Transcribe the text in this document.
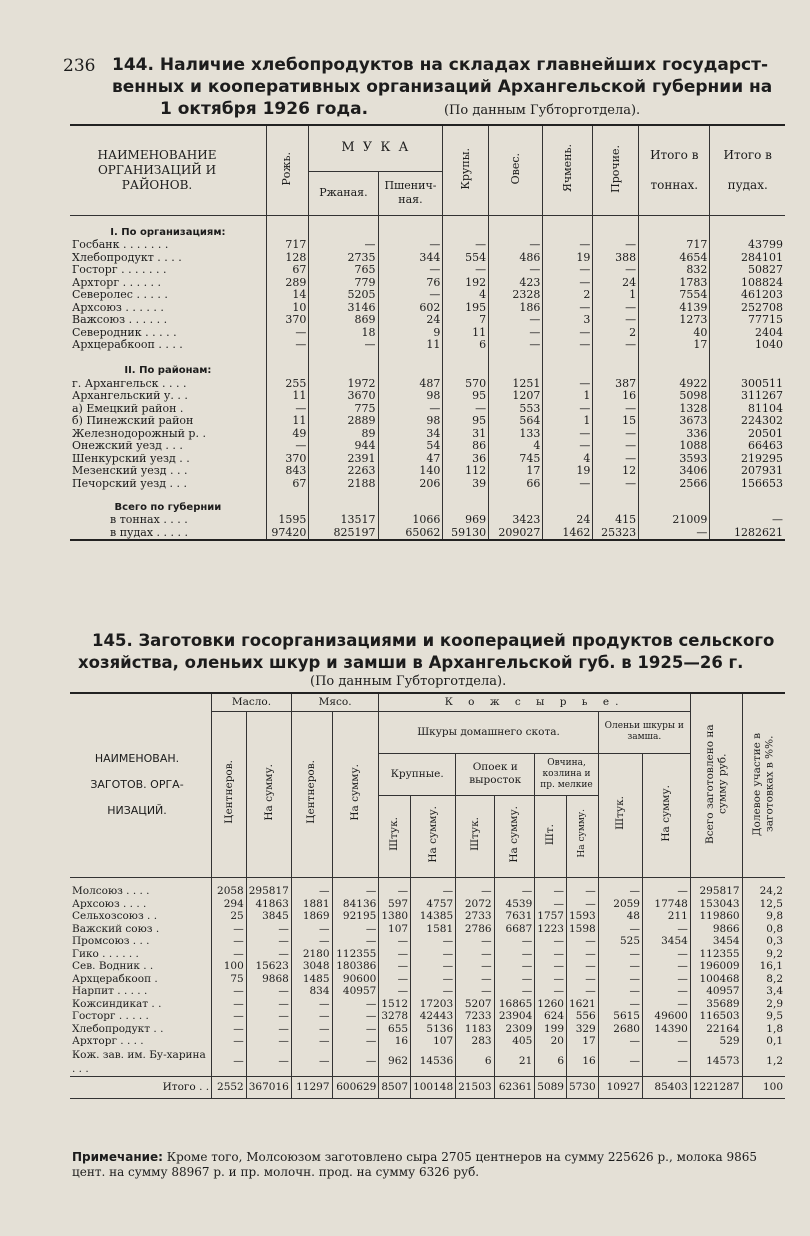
236 144. Наличие хлебопродуктов на складах главнейших государст-
венных и кооперативных организаций Архангельской губернии на
1 октября 1926 года.	(По данным Губторготдела).
НАИМЕНОВАНИЕ ОРГАНИЗАЦИЙ И РАЙОНОВ.	Рожь.	М У К А		Крупы.	Овес.	Ячмень.	Прочие.	Итого в
тоннах.	Итого в
пудах.
		Ржаная.	Пшенич-ная.						
I. По организациям:									
Госбанк . . . . . . .	717	—	—	—	—	—	—	717	43799
Хлебопродукт . . . .	128	2735	344	554	486	19	388	4654	284101
Госторг . . . . . . .	67	765	—	—	—	—	—	832	50827
Архторг . . . . . .	289	779	76	192	423	—	24	1783	108824
Северолес . . . . .	14	5205	—	4	2328	2	1	7554	461203
Архсоюз . . . . . .	10	3146	602	195	186	—	—	4139	252708
Важсоюз . . . . . .	370	869	24	7	—	3	—	1273	77715
Северодник . . . . .	—	18	9	11	—	—	2	40	2404
Архцерабкооп . . . .	—	—	11	6	—	—	—	17	1040
II. По районам:									
г. Архангельск . . . .	255	1972	487	570	1251	—	387	4922	300511
Архангельский у. . .	11	3670	98	95	1207	1	16	5098	311267
а) Емецкий район .	—	775	—	—	553	—	—	1328	81104
б) Пинежский район	11	2889	98	95	564	1	15	3673	224302
Железнодорожный р. .	49	89	34	31	133	—	—	336	20501
Онежский уезд . . .	—	944	54	86	4	—	—	1088	66463
Шенкурский уезд . .	370	2391	47	36	745	4	—	3593	219295
Мезенский уезд . . .	843	2263	140	112	17	19	12	3406	207931
Печорский уезд . . .	67	2188	206	39	66	—	—	2566	156653
Всего по губернии									
в тоннах . . . .	1595	13517	1066	969	3423	24	415	21009	—
в пудах . . . . .	97420	825197	65062	59130	209027	1462	25323	—	1282621
145. Заготовки госорганизациями и кооперацией продуктов сельского
хозяйства, оленьих шкур и замши в Архангельской губ. в 1925—26 г.
(По данным Губторготдела).
НАИМЕНОВАН. ЗАГОТОВ. ОРГА-НИЗАЦИЙ.	Масло.		Мясо.		К о ж с ы р ь е.								Всего заготовлено на сумму руб.	Долевое участие в заготовках в %%.
	Центнеров.	На сумму.	Центнеров.	На сумму.	Шкуры домашнего скота.						Оленьи шкуры и замша.			
					Крупные.		Опоек и выросток		Овчина, козлина и пр. мелкие		Штук.	На сумму.		
					Штук.	На сумму.	Штук.	На сумму.	Шт.	На сумму.				

Молсоюз . . . .	2058	295817	—	—	—	—	—	—	—	—	—	—	295817	24,2
Архсоюз . . . .	294	41863	1881	84136	597	4757	2072	4539	—	—	2059	17748	153043	12,5
Сельхозсоюз . .	25	3845	1869	92195	1380	14385	2733	7631	1757	1593	48	211	119860	9,8
Важский союз .	—	—	—	—	107	1581	2786	6687	1223	1598	—	—	9866	0,8
Промсоюз . . .	—	—	—	—	—	—	—	—	—	—	525	3454	3454	0,3
Гико . . . . . .	—	—	2180	112355	—	—	—	—	—	—	—	—	112355	9,2
Сев. Водник . .	100	15623	3048	180386	—	—	—	—	—	—	—	—	196009	16,1
Архцерабкооп .	75	9868	1485	90600	—	—	—	—	—	—	—	—	100468	8,2
Нарпит . . . . .	—	—	834	40957	—	—	—	—	—	—	—	—	40957	3,4
Кожсиндикат . .	—	—	—	—	1512	17203	5207	16865	1260	1621	—	—	35689	2,9
Госторг . . . . .	—	—	—	—	3278	42443	7233	23904	624	556	5615	49600	116503	9,5
Хлебопродукт . .	—	—	—	—	655	5136	1183	2309	199	329	2680	14390	22164	1,8
Архторг . . . .	—	—	—	—	16	107	283	405	20	17	—	—	529	0,1
Кож. зав. им. Бу-харина . . .	—	—	—	—	962	14536	6	21	6	16	—	—	14573	1,2
Итого . .	2552	367016	11297	600629	8507	100148	21503	62361	5089	5730	10927	85403	1221287	100
Примечание: Кроме того, Молсоюзом заготовлено сыра 2705 центнеров на сумму 225626 р., молока 9865 цент. на сумму 88967 р. и пр. молочн. прод. на сумму 6326 руб.
